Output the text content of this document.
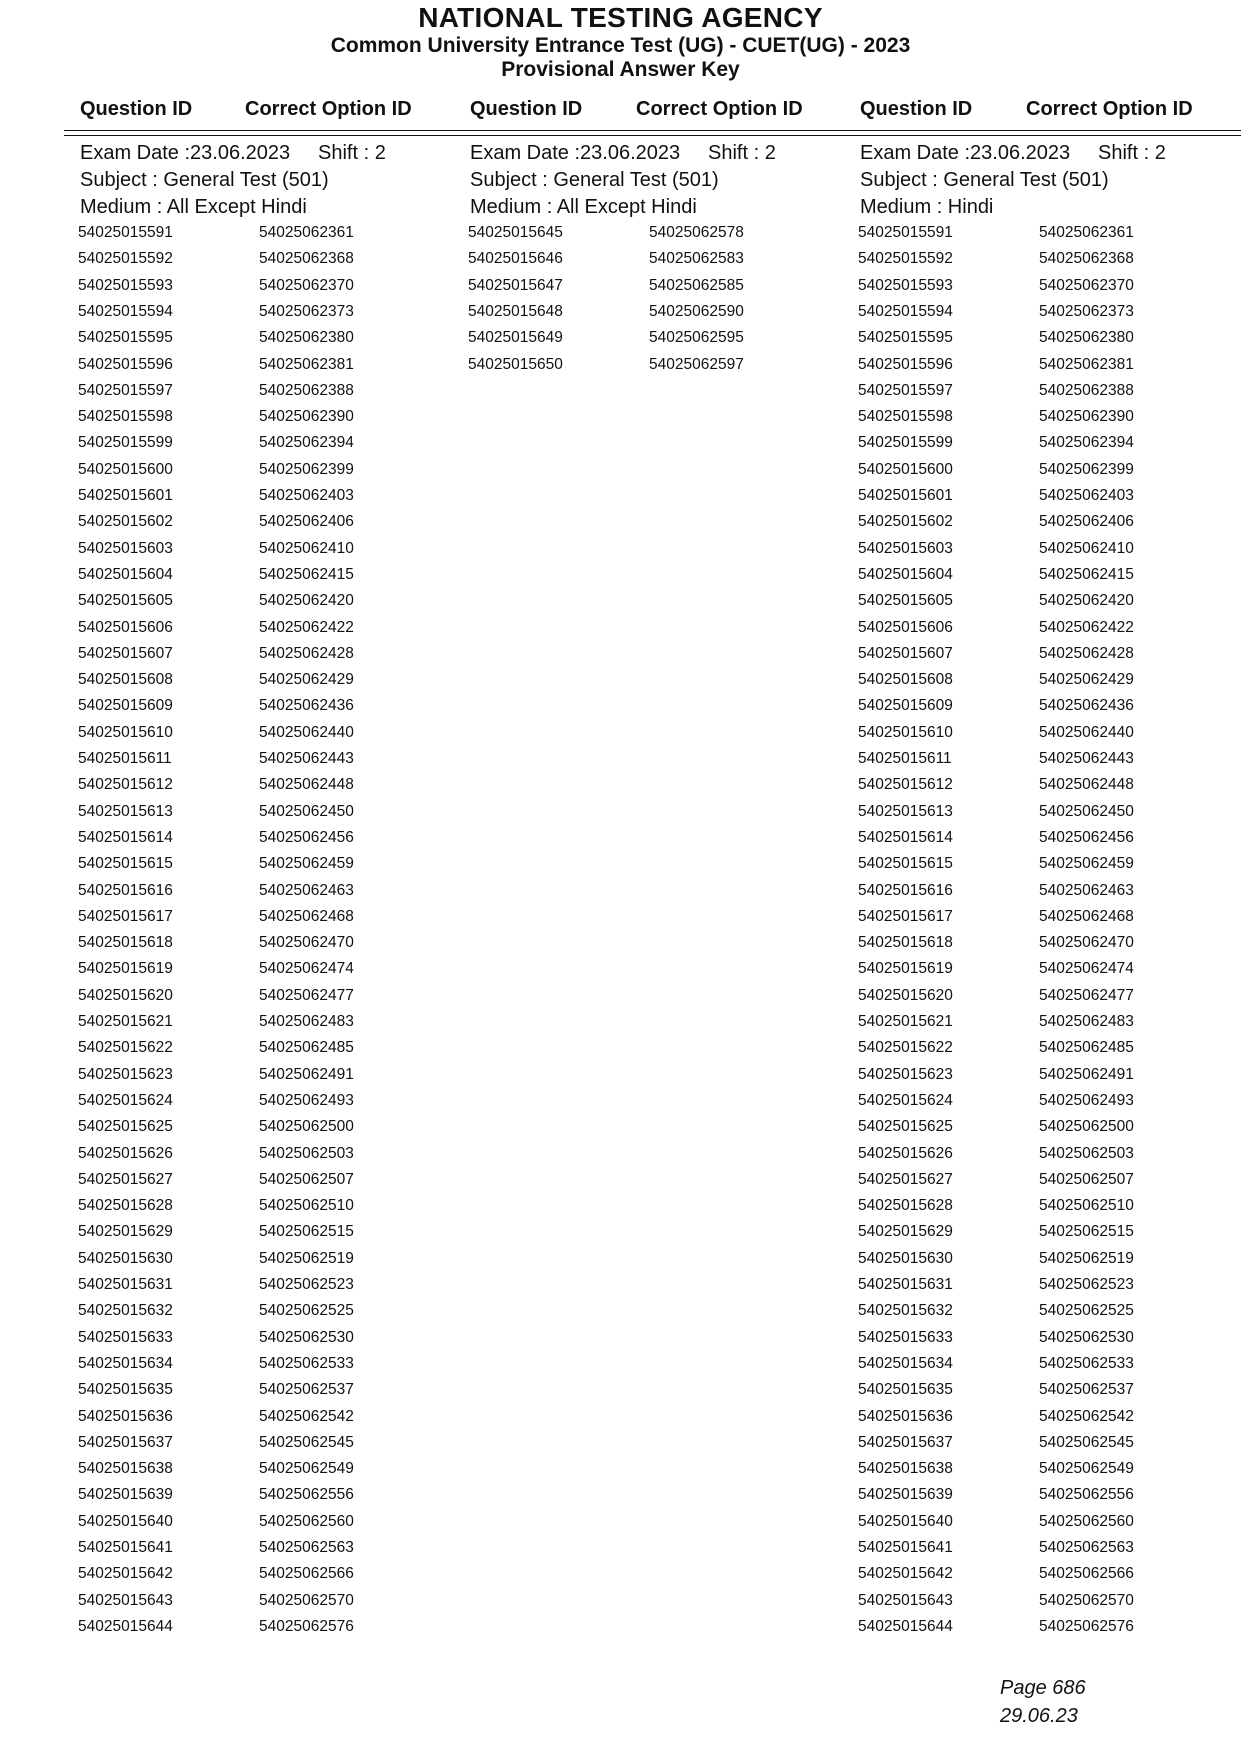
NATIONAL TESTING AGENCY
Common University Entrance Test (UG) - CUET(UG) - 2023
Provisional Answer Key
Question ID	Correct Option ID	Question ID	Correct Option ID	Question ID	Correct Option ID
Exam Date :23.06.2023 Shift : 2
Subject : General Test (501)
Medium : All Except Hindi
54025015591	54025062361
54025015592	54025062368
54025015593	54025062370
54025015594	54025062373
54025015595	54025062380
54025015596	54025062381
54025015597	54025062388
54025015598	54025062390
54025015599	54025062394
54025015600	54025062399
54025015601	54025062403
54025015602	54025062406
54025015603	54025062410
54025015604	54025062415
54025015605	54025062420
54025015606	54025062422
54025015607	54025062428
54025015608	54025062429
54025015609	54025062436
54025015610	54025062440
54025015611	54025062443
54025015612	54025062448
54025015613	54025062450
54025015614	54025062456
54025015615	54025062459
54025015616	54025062463
54025015617	54025062468
54025015618	54025062470
54025015619	54025062474
54025015620	54025062477
54025015621	54025062483
54025015622	54025062485
54025015623	54025062491
54025015624	54025062493
54025015625	54025062500
54025015626	54025062503
54025015627	54025062507
54025015628	54025062510
54025015629	54025062515
54025015630	54025062519
54025015631	54025062523
54025015632	54025062525
54025015633	54025062530
54025015634	54025062533
54025015635	54025062537
54025015636	54025062542
54025015637	54025062545
54025015638	54025062549
54025015639	54025062556
54025015640	54025062560
54025015641	54025062563
54025015642	54025062566
54025015643	54025062570
54025015644	54025062576
Exam Date :23.06.2023 Shift : 2
Subject : General Test (501)
Medium : All Except Hindi
54025015645	54025062578
54025015646	54025062583
54025015647	54025062585
54025015648	54025062590
54025015649	54025062595
54025015650	54025062597
Exam Date :23.06.2023 Shift : 2
Subject : General Test (501)
Medium : Hindi
54025015591	54025062361
54025015592	54025062368
54025015593	54025062370
54025015594	54025062373
54025015595	54025062380
54025015596	54025062381
54025015597	54025062388
54025015598	54025062390
54025015599	54025062394
54025015600	54025062399
54025015601	54025062403
54025015602	54025062406
54025015603	54025062410
54025015604	54025062415
54025015605	54025062420
54025015606	54025062422
54025015607	54025062428
54025015608	54025062429
54025015609	54025062436
54025015610	54025062440
54025015611	54025062443
54025015612	54025062448
54025015613	54025062450
54025015614	54025062456
54025015615	54025062459
54025015616	54025062463
54025015617	54025062468
54025015618	54025062470
54025015619	54025062474
54025015620	54025062477
54025015621	54025062483
54025015622	54025062485
54025015623	54025062491
54025015624	54025062493
54025015625	54025062500
54025015626	54025062503
54025015627	54025062507
54025015628	54025062510
54025015629	54025062515
54025015630	54025062519
54025015631	54025062523
54025015632	54025062525
54025015633	54025062530
54025015634	54025062533
54025015635	54025062537
54025015636	54025062542
54025015637	54025062545
54025015638	54025062549
54025015639	54025062556
54025015640	54025062560
54025015641	54025062563
54025015642	54025062566
54025015643	54025062570
54025015644	54025062576
Page 686
29.06.23
